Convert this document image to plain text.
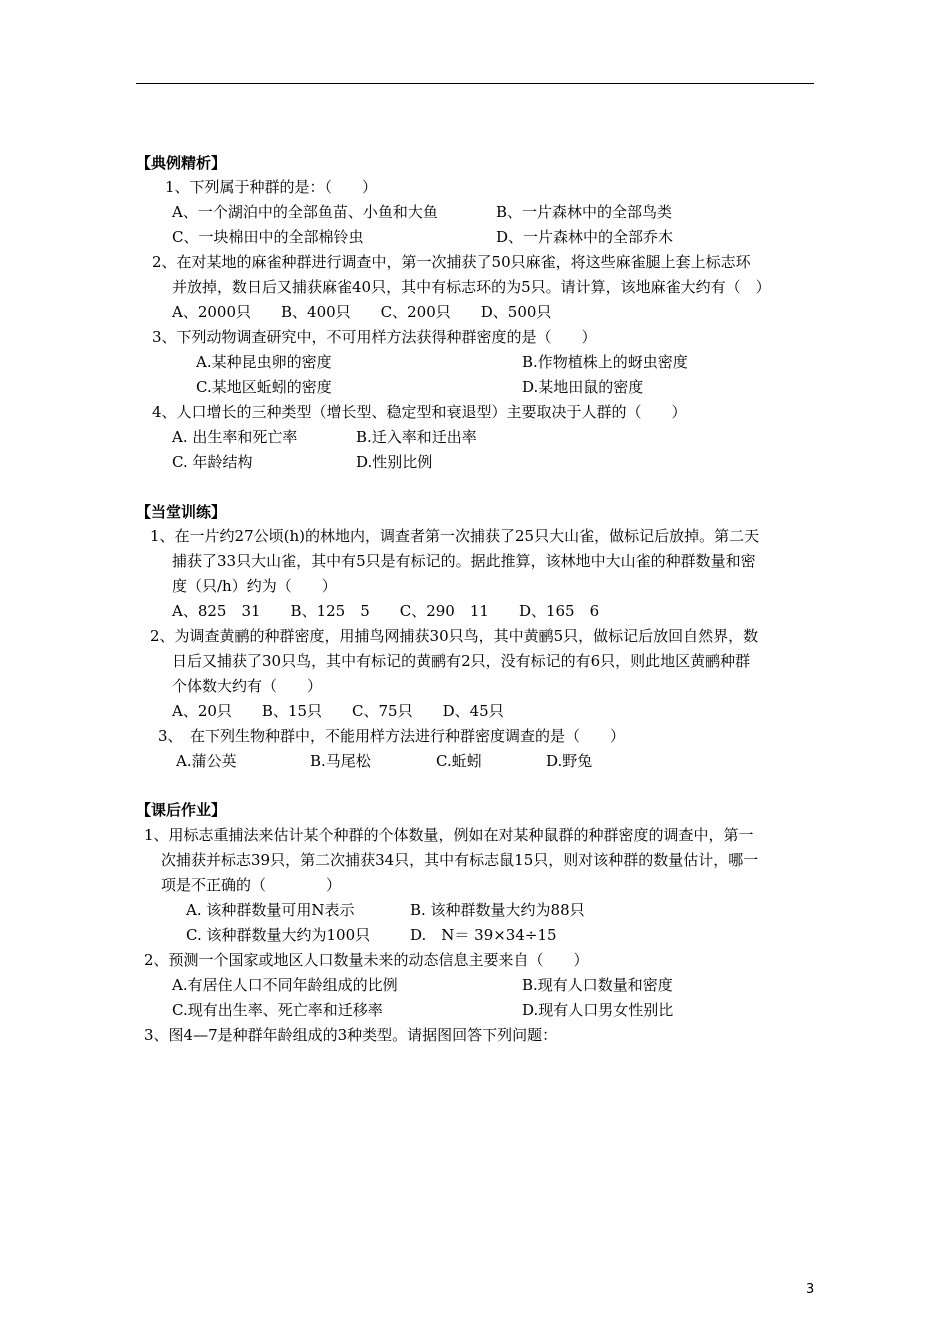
【典例精析】
1、下列属于种群的是：（　　）
A、一个湖泊中的全部鱼苗、小鱼和大鱼	B、一片森林中的全部鸟类
C、一块棉田中的全部棉铃虫	D、一片森林中的全部乔木
2、在对某地的麻雀种群进行调查中，第一次捕获了50只麻雀，将这些麻雀腿上套上标志环
并放掉，数日后又捕获麻雀40只，其中有标志环的为5只。请计算，该地麻雀大约有（　）
A、2000只　　B、400只　　C、200只　　D、500只
3、下列动物调查研究中，不可用样方法获得种群密度的是（　　）
A.某种昆虫卵的密度	B.作物植株上的蚜虫密度
C.某地区蚯蚓的密度	D.某地田鼠的密度
4、人口增长的三种类型（增长型、稳定型和衰退型）主要取决于人群的（　　）
A. 出生率和死亡率	B.迁入率和迁出率
C. 年龄结构	D.性别比例
【当堂训练】
1、在一片约27公顷(h)的林地内，调查者第一次捕获了25只大山雀，做标记后放掉。第二天
捕获了33只大山雀，其中有5只是有标记的。据此推算，该林地中大山雀的种群数量和密
度（只/h）约为（　　）
A、825　31　　B、125　5　　C、290　11　　D、165　6
2、为调查黄鹂的种群密度，用捕鸟网捕获30只鸟，其中黄鹂5只，做标记后放回自然界，数
日后又捕获了30只鸟，其中有标记的黄鹂有2只，没有标记的有6只，则此地区黄鹂种群
个体数大约有（　　）
A、20只　　B、15只　　C、75只　　D、45只
3、　在下列生物种群中，不能用样方法进行种群密度调查的是（　　）
A.蒲公英	B.马尾松	C.蚯蚓	D.野兔
【课后作业】
1、用标志重捕法来估计某个种群的个体数量，例如在对某种鼠群的种群密度的调查中，第一
次捕获并标志39只，第二次捕获34只，其中有标志鼠15只，则对该种群的数量估计，哪一
项是不正确的（　　　　）
A. 该种群数量可用N表示	B. 该种群数量大约为88只
C. 该种群数量大约为100只	D.　N＝ 39×34÷15
2、预测一个国家或地区人口数量未来的动态信息主要来自（　　）
A.有居住人口不同年龄组成的比例	B.现有人口数量和密度
C.现有出生率、死亡率和迁移率	D.现有人口男女性别比
3、图4—7是种群年龄组成的3种类型。请据图回答下列问题：
3
